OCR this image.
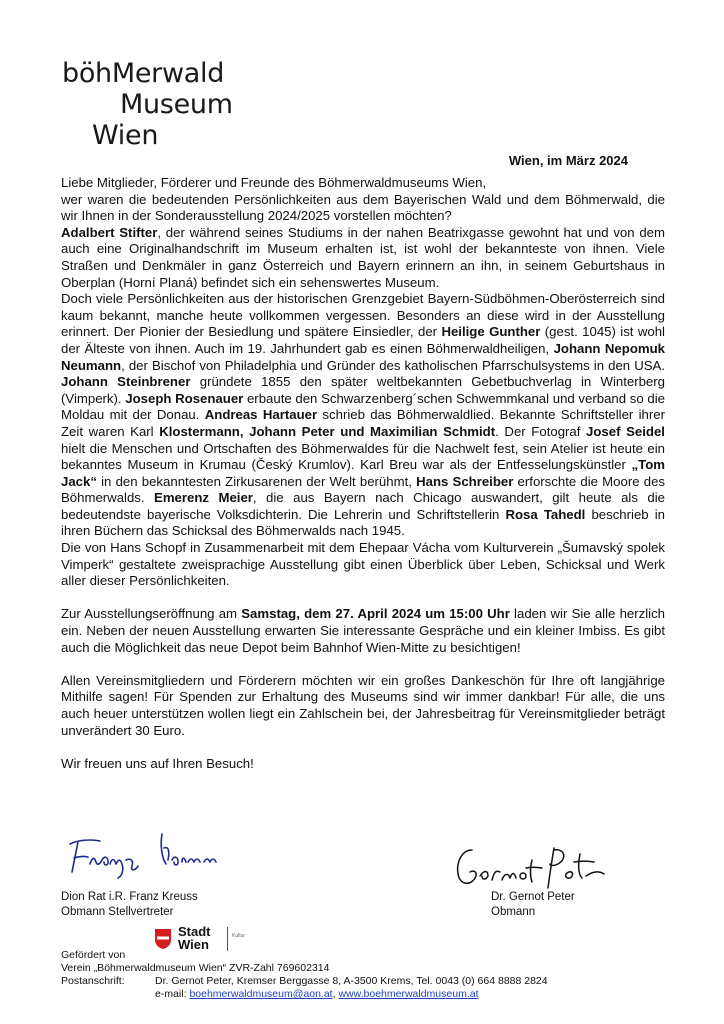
böhMerwald
Museum
Wien
Wien, im März 2024

Liebe Mitglieder, Förderer und Freunde des Böhmerwaldmuseums Wien,
wer waren die bedeutenden Persönlichkeiten aus dem Bayerischen Wald und dem Böhmerwald, die wir Ihnen in der Sonderausstellung 2024/2025 vorstellen möchten?

Adalbert Stifter, der während seines Studiums in der nahen Beatrixgasse gewohnt hat und von dem auch eine Originalhandschrift im Museum erhalten ist, ist wohl der bekannteste von ihnen. Viele Straßen und Denkmäler in ganz Österreich und Bayern erinnern an ihn, in seinem Geburtshaus in Oberplan (Horní Planá) befindet sich ein sehenswertes Museum.

Doch viele Persönlichkeiten aus der historischen Grenzgebiet Bayern-Südböhmen-Oberösterreich sind kaum bekannt, manche heute vollkommen vergessen. Besonders an diese wird in der Ausstellung erinnert. Der Pionier der Besiedlung und spätere Einsiedler, der Heilige Gunther (gest. 1045) ist wohl der Älteste von ihnen. Auch im 19. Jahrhundert gab es einen Böhmerwaldheiligen, Johann Nepomuk Neumann, der Bischof von Philadelphia und Gründer des katholischen Pfarrschulsystems in den USA. Johann Steinbrener gründete 1855 den später weltbekannten Gebetbuchverlag in Winterberg (Vimperk). Joseph Rosenauer erbaute den Schwarzenberg´schen Schwemmkanal und verband so die Moldau mit der Donau. Andreas Hartauer schrieb das Böhmerwaldlied. Bekannte Schriftsteller ihrer Zeit waren Karl Klostermann, Johann Peter und Maximilian Schmidt. Der Fotograf Josef Seidel hielt die Menschen und Ortschaften des Böhmerwaldes für die Nachwelt fest, sein Atelier ist heute ein bekanntes Museum in Krumau (Český Krumlov). Karl Breu war als der Entfesselungskünstler „Tom Jack“ in den bekanntesten Zirkusarenen der Welt berühmt, Hans Schreiber erforschte die Moore des Böhmerwalds. Emerenz Meier, die aus Bayern nach Chicago auswandert, gilt heute als die bedeutendste bayerische Volksdichterin. Die Lehrerin und Schriftstellerin Rosa Tahedl beschrieb in ihren Büchern das Schicksal des Böhmerwalds nach 1945.

Die von Hans Schopf in Zusammenarbeit mit dem Ehepaar Vácha vom Kulturverein „Šumavský spolek Vimperk“ gestaltete zweisprachige Ausstellung gibt einen Überblick über Leben, Schicksal und Werk aller dieser Persönlichkeiten.

Zur Ausstellungseröffnung am Samstag, dem 27. April 2024 um 15:00 Uhr laden wir Sie alle herzlich ein. Neben der neuen Ausstellung erwarten Sie interessante Gespräche und ein kleiner Imbiss. Es gibt auch die Möglichkeit das neue Depot beim Bahnhof Wien-Mitte zu besichtigen!

Allen Vereinsmitgliedern und Förderern möchten wir ein großes Dankeschön für Ihre oft langjährige Mithilfe sagen! Für Spenden zur Erhaltung des Museums sind wir immer dankbar! Für alle, die uns auch heuer unterstützen wollen liegt ein Zahlschein bei, der Jahresbeitrag für Vereinsmitglieder beträgt unverändert 30 Euro.

Wir freuen uns auf Ihren Besuch!

Dion Rat i.R. Franz Kreuss
Obmann Stellvertreter
Dr. Gernot Peter
Obmann
Stadt
Wien
Kultur
Gefördert von
Verein „Böhmerwaldmuseum Wien“ ZVR-Zahl 769602314
Postanschrift:	Dr. Gernot Peter, Kremser Berggasse 8, A-3500 Krems, Tel. 0043 (0) 664 8888 2824
e-mail: boehmerwaldmuseum@aon.at, www.boehmerwaldmuseum.at
